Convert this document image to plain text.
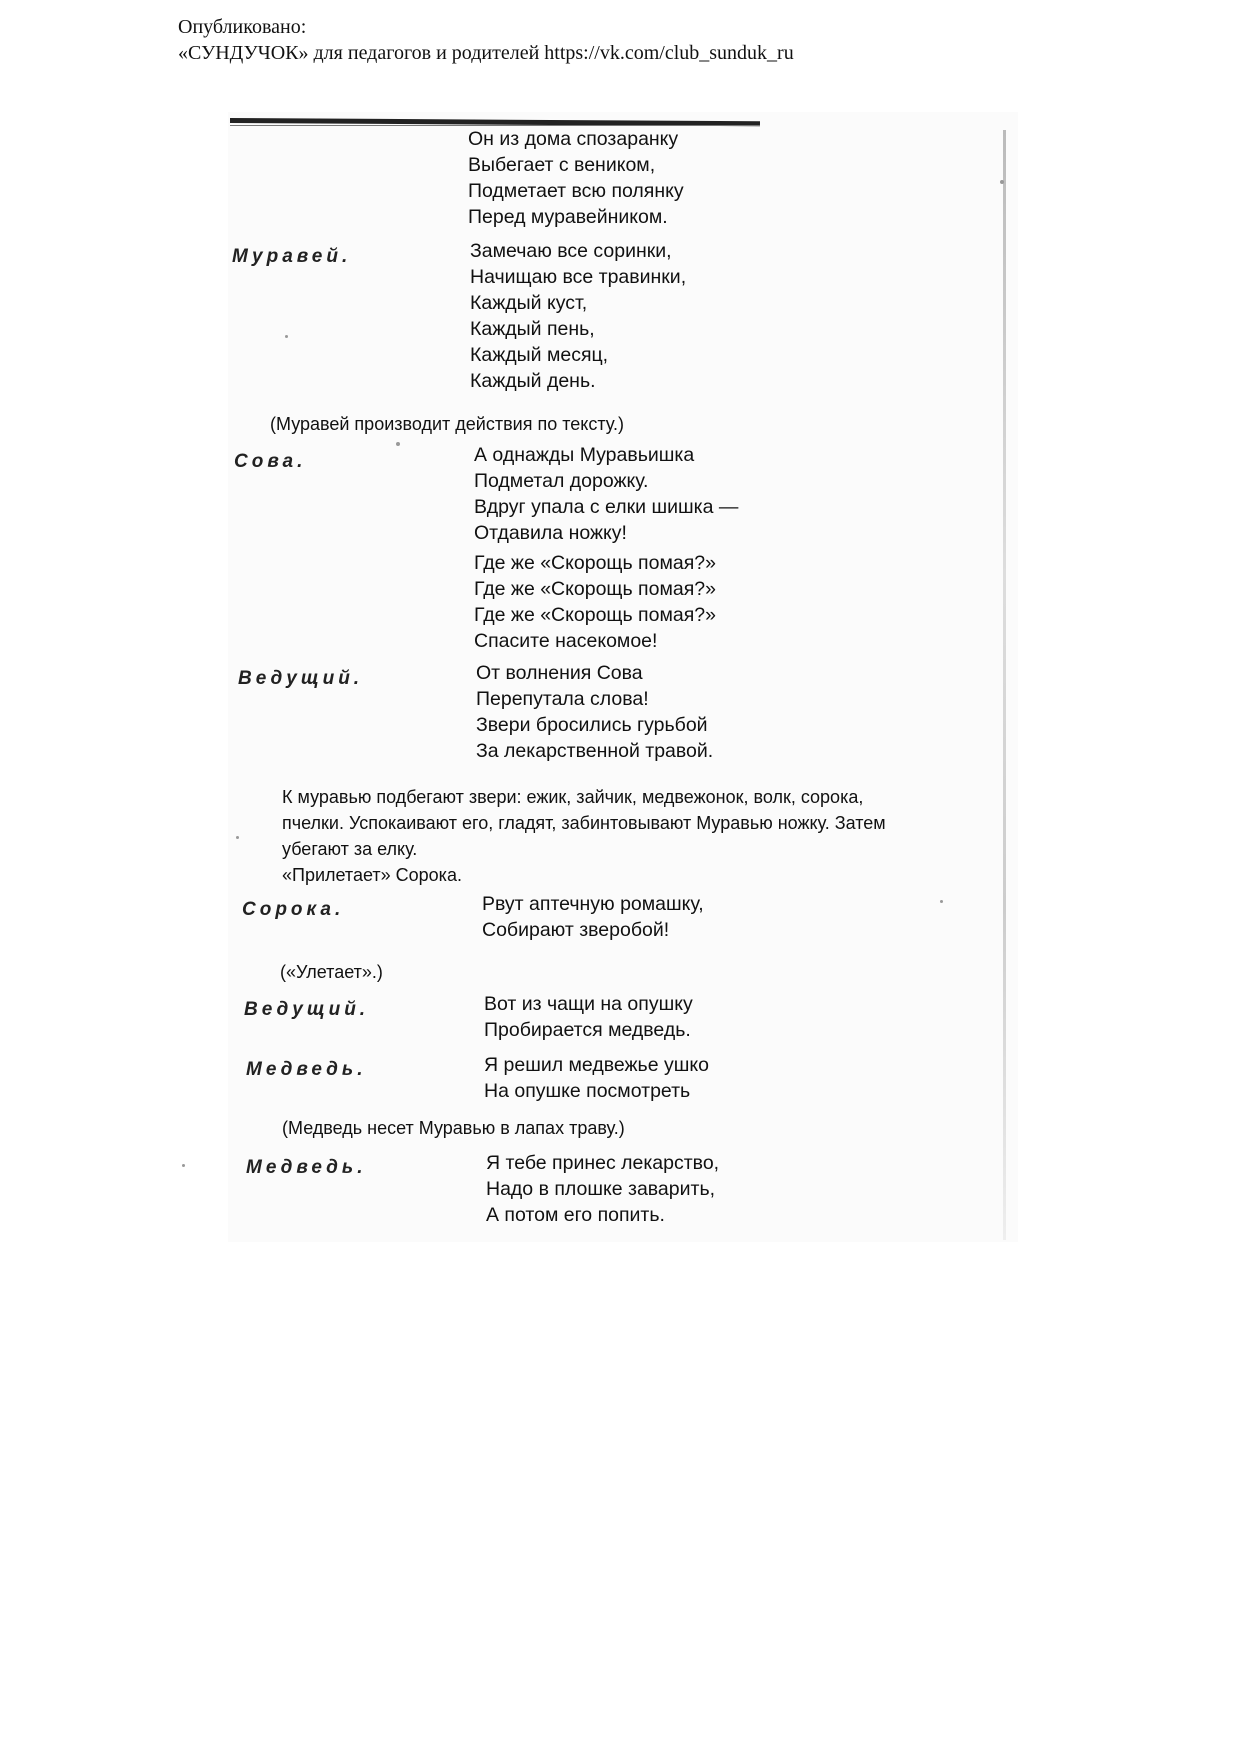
Опубликовано:
«СУНДУЧОК» для педагогов и родителей https://vk.com/club_sunduk_ru
Он из дома спозаранку
Выбегает с веником,
Подметает всю полянку
Перед муравейником.
Муравей.	Замечаю все соринки,
Начищаю все травинки,
Каждый куст,
Каждый пень,
Каждый месяц,
Каждый день.
(Муравей производит действия по тексту.)
Сова.	А однажды Муравьишка
Подметал дорожку.
Вдруг упала с елки шишка —
Отдавила ножку!
Где же «Скорощь помая?»
Где же «Скорощь помая?»
Где же «Скорощь помая?»
Спасите насекомое!
Ведущий.	От волнения Сова
Перепутала слова!
Звери бросились гурьбой
За лекарственной травой.
К муравью подбегают звери: ежик, зайчик, медвежонок, волк, сорока,
пчелки. Успокаивают его, гладят, забинтовывают Муравью ножку. Затем
убегают за елку.
«Прилетает» Сорока.
Сорока.	Рвут аптечную ромашку,
Собирают зверобой!
(«Улетает».)
Ведущий.	Вот из чащи на опушку
Пробирается медведь.
Медведь.	Я решил медвежье ушко
На опушке посмотреть
(Медведь несет Муравью в лапах траву.)
Медведь.	Я тебе принес лекарство,
Надо в плошке заварить,
А потом его попить.
